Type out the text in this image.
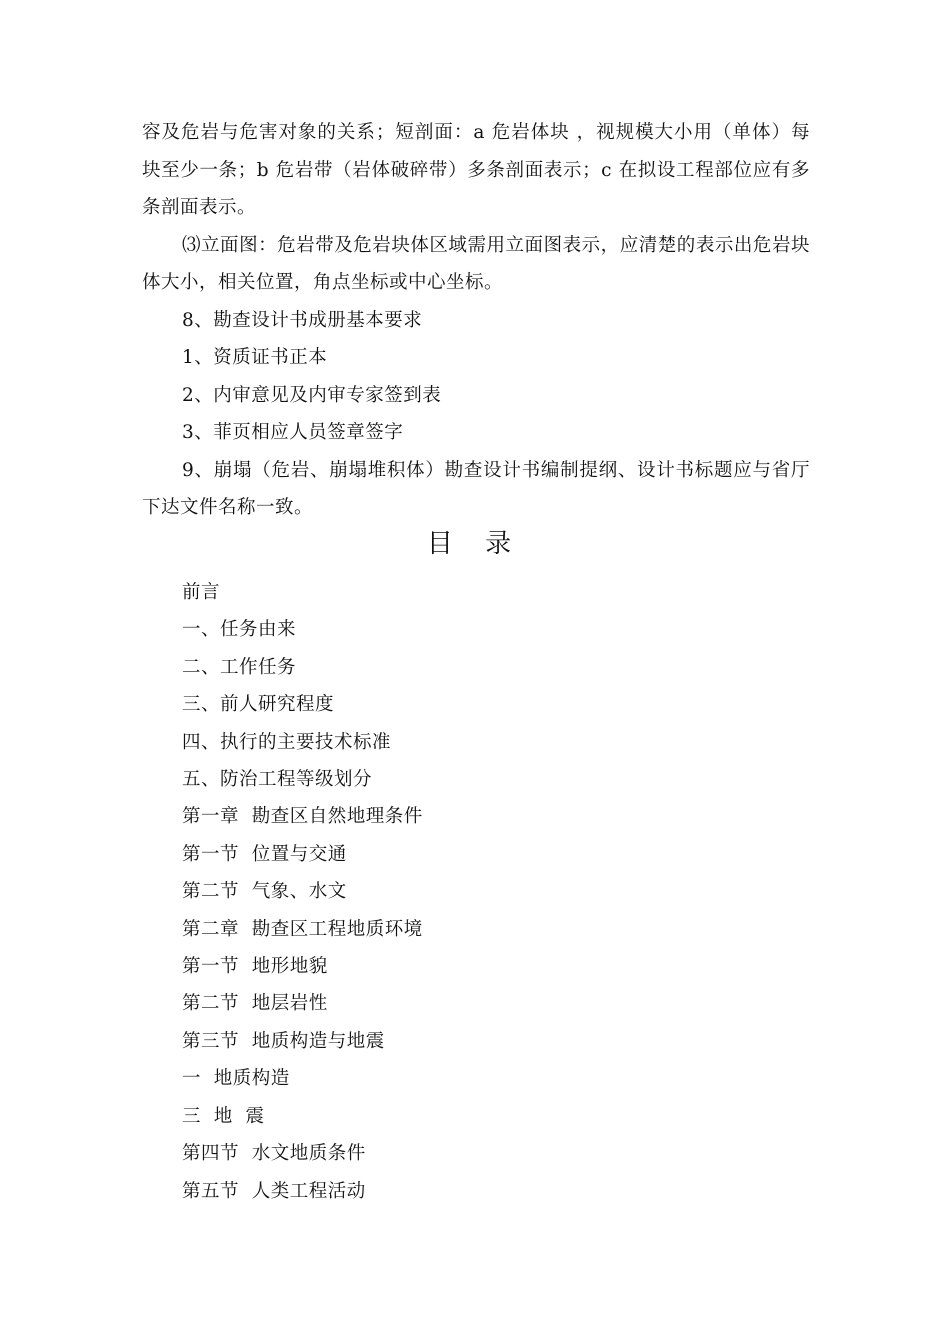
容及危岩与危害对象的关系；短剖面：a 危岩体块 ，视规模大小用（单体）每块至少一条；b 危岩带（岩体破碎带）多条剖面表示；c 在拟设工程部位应有多条剖面表示。

⑶立面图：危岩带及危岩块体区域需用立面图表示，应清楚的表示出危岩块体大小，相关位置，角点坐标或中心坐标。

8、勘查设计书成册基本要求

1、资质证书正本

2、内审意见及内审专家签到表

3、菲页相应人员签章签字

9、崩塌（危岩、崩塌堆积体）勘查设计书编制提纲、设计书标题应与省厅下达文件名称一致。

目 录
前言
一、任务由来
二、工作任务
三、前人研究程度
四、执行的主要技术标准
五、防治工程等级划分
第一章  勘查区自然地理条件
第一节  位置与交通
第二节  气象、水文
第二章  勘查区工程地质环境
第一节  地形地貌
第二节  地层岩性
第三节  地质构造与地震
一  地质构造
三  地  震
第四节  水文地质条件
第五节  人类工程活动
